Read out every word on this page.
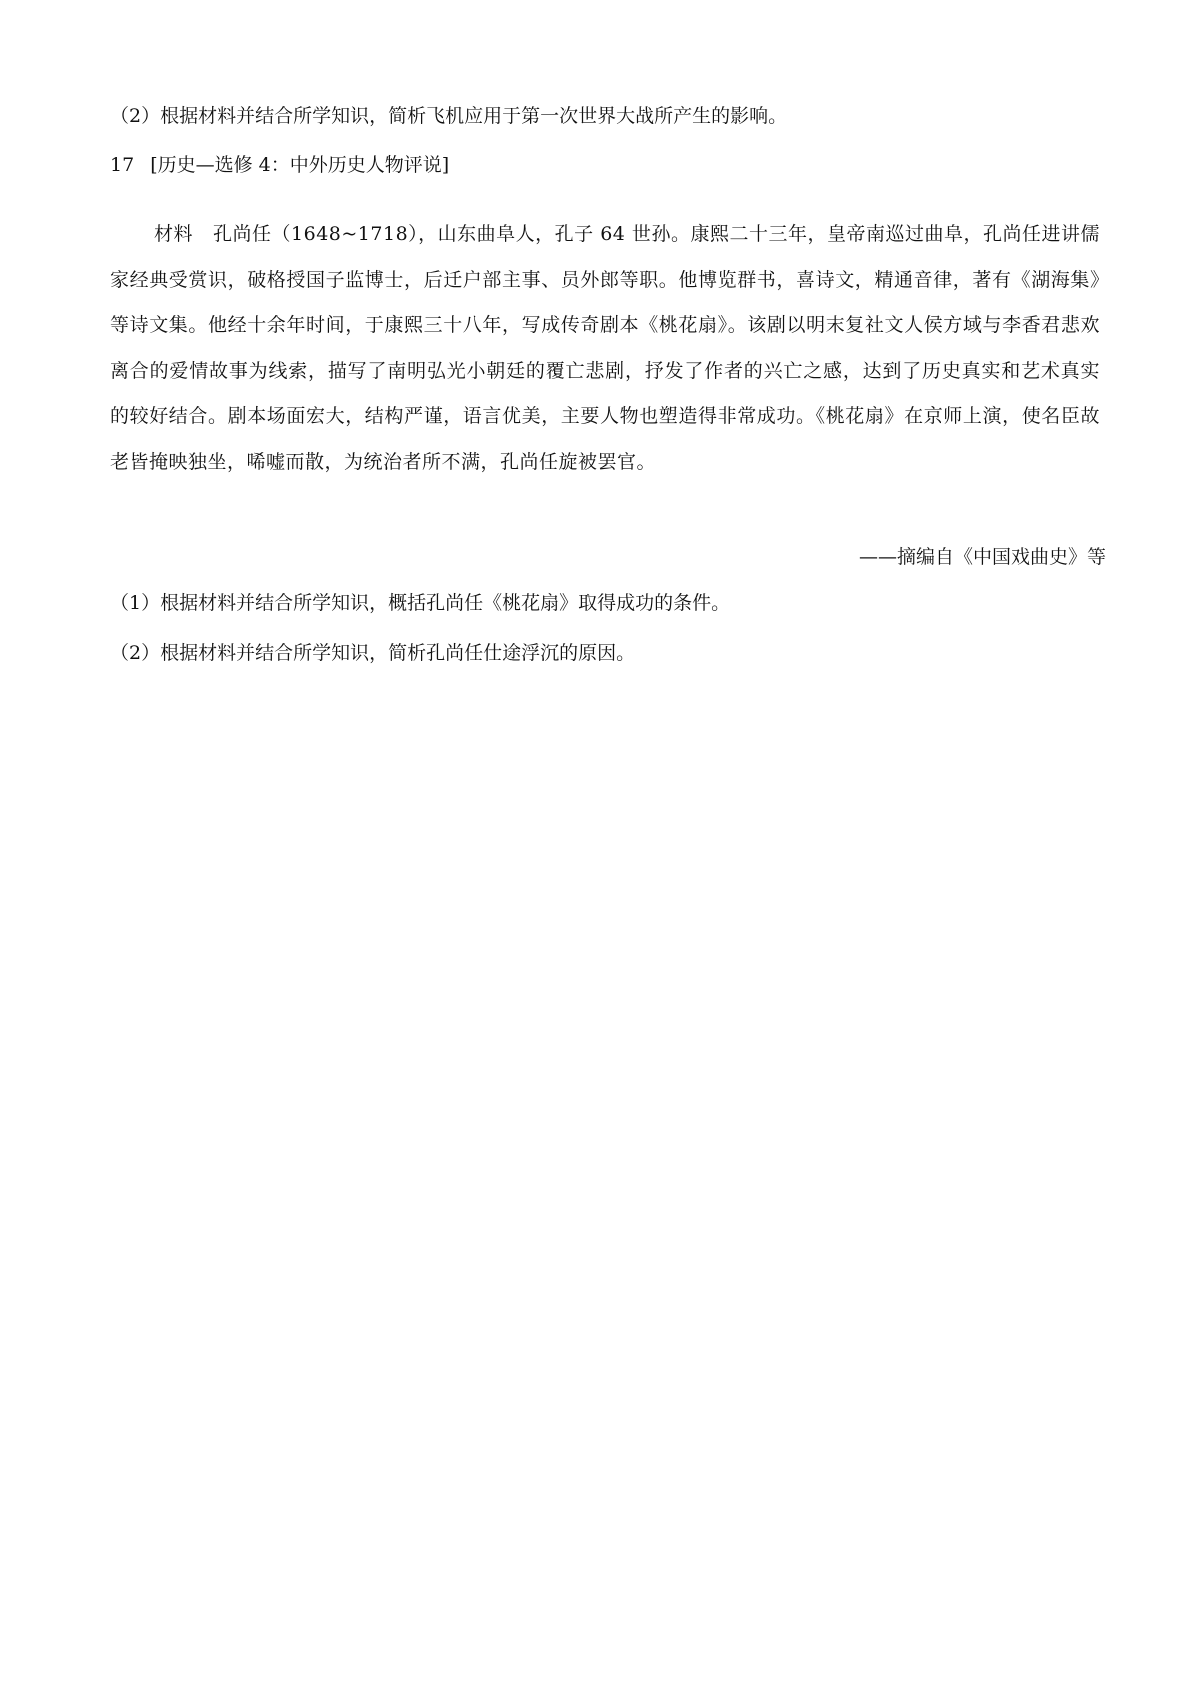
（2）根据材料并结合所学知识，简析飞机应用于第一次世界大战所产生的影响。
17 [历史—选修 4：中外历史人物评说]

材料 孔尚任（1648~1718），山东曲阜人，孔子 64 世孙。康熙二十三年，皇帝南巡过曲阜，孔尚任进讲儒家经典受赏识，破格授国子监博士，后迁户部主事、员外郎等职。他博览群书，喜诗文，精通音律，著有《湖海集》等诗文集。他经十余年时间，于康熙三十八年，写成传奇剧本《桃花扇》。该剧以明末复社文人侯方域与李香君悲欢离合的爱情故事为线索，描写了南明弘光小朝廷的覆亡悲剧，抒发了作者的兴亡之感，达到了历史真实和艺术真实的较好结合。剧本场面宏大，结构严谨，语言优美，主要人物也塑造得非常成功。《桃花扇》在京师上演，使名臣故老皆掩映独坐，唏嘘而散，为统治者所不满，孔尚任旋被罢官。

——摘编自《中国戏曲史》等
（1）根据材料并结合所学知识，概括孔尚任《桃花扇》取得成功的条件。
（2）根据材料并结合所学知识，简析孔尚任仕途浮沉的原因。
